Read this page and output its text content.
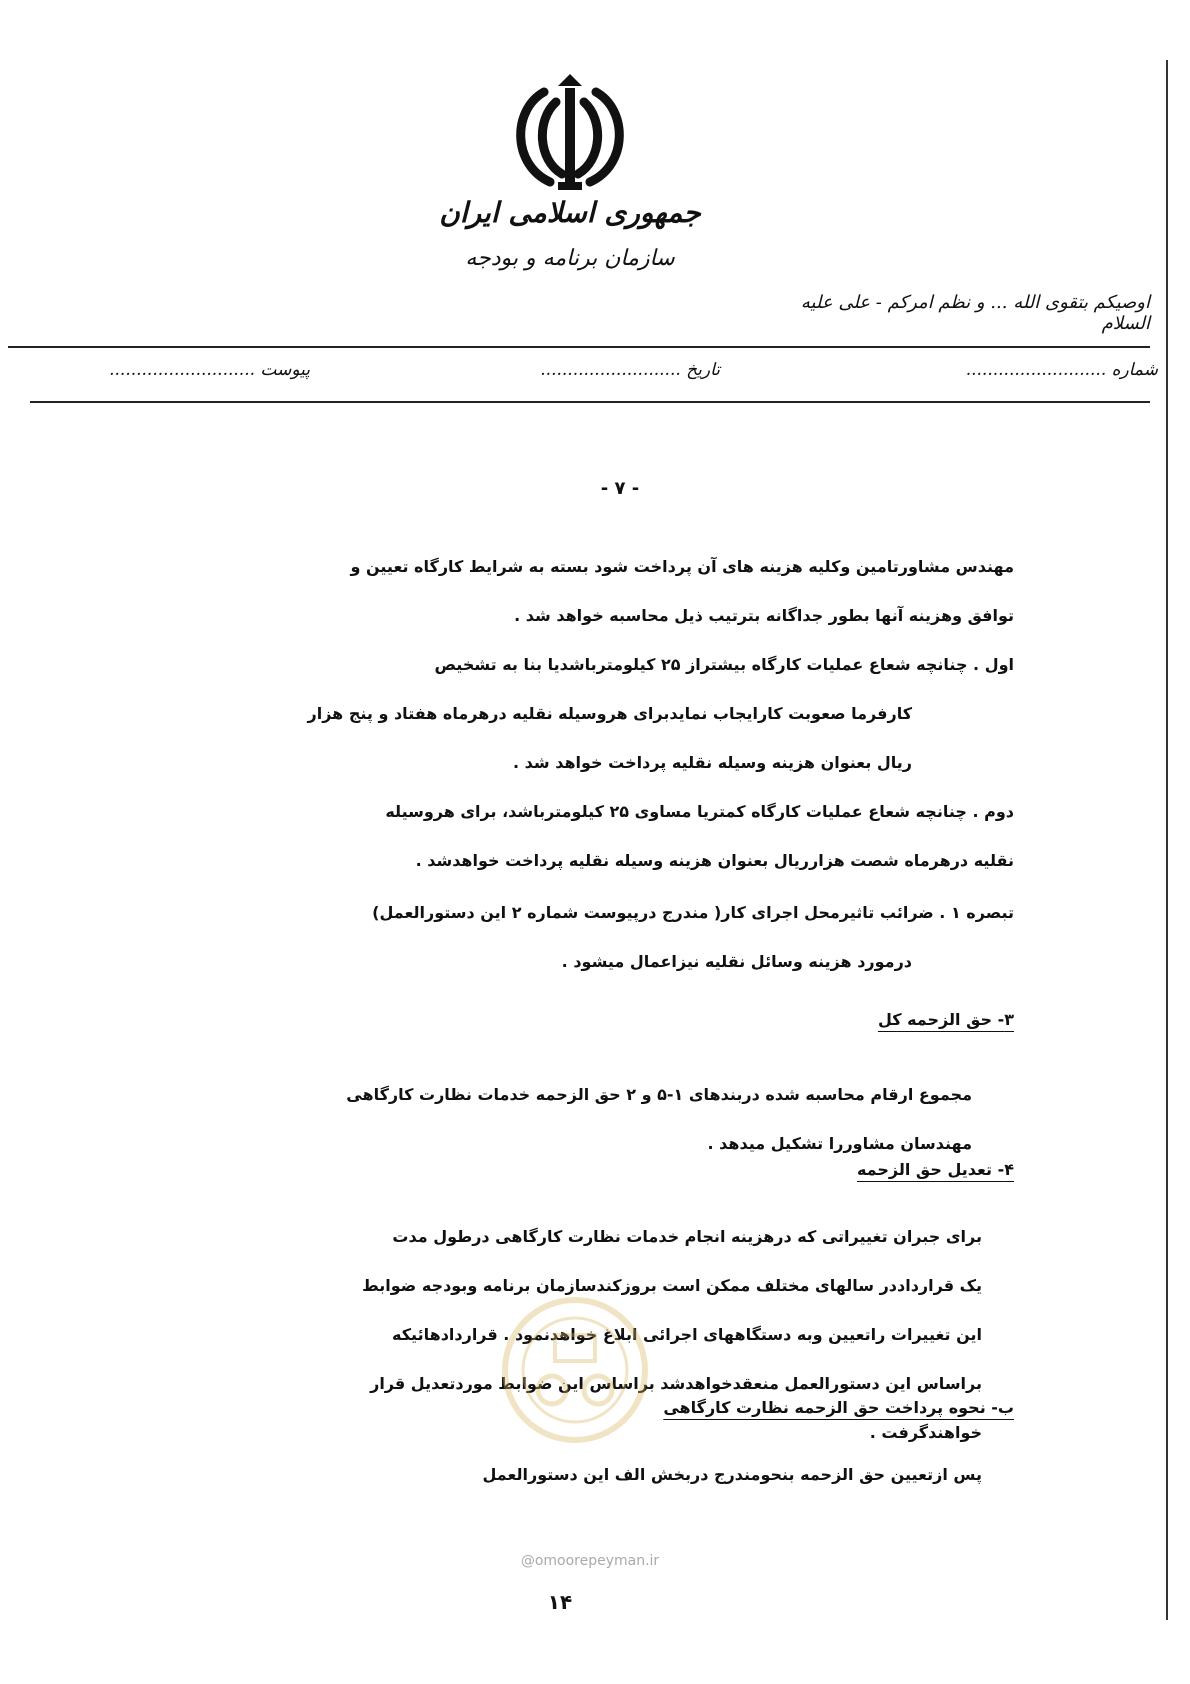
جمهوری اسلامی ایران
سازمان برنامه و بودجه
اوصیکم بتقوی الله ... و نظم امرکم - علی علیه السلام
شماره ..........................
تاریخ ..........................
پیوست ...........................
- ۷ -

مهندس مشاورتامین وکلیه هزینه های آن پرداخت شود بسته به شرایط کارگاه تعیین و

توافق وهزینه آنها بطور جداگانه بترتیب ذیل محاسبه خواهد شد .

اول . چنانچه شعاع عملیات کارگاه بیشتراز ۲۵ کیلومترباشدیا بنا به تشخیص

کارفرما صعوبت کارایجاب نمایدبرای هروسیله نقلیه درهرماه هفتاد و پنج هزار

ریال بعنوان هزینه وسیله نقلیه پرداخت خواهد شد .

دوم . چنانچه شعاع عملیات کارگاه کمتریا مساوی ۲۵ کیلومترباشد، برای هروسیله

نقلیه درهرماه شصت هزارریال بعنوان هزینه وسیله نقلیه پرداخت خواهدشد .

تبصره ۱ . ضرائب تاثیرمحل اجرای کار( مندرج درپیوست شماره ۲ این دستورالعمل)

درمورد هزینه وسائل نقلیه نیزاعمال میشود .

۳- حق الزحمه کل

مجموع ارقام محاسبه شده دربندهای ۱-۵ و ۲ حق الزحمه خدمات نظارت کارگاهی

مهندسان مشاوررا تشکیل میدهد .

۴- تعدیل حق الزحمه

برای جبران تغییراتی که درهزینه انجام خدمات نظارت کارگاهی درطول مدت

یک قرارداددر سالهای مختلف ممکن است بروزکندسازمان برنامه وبودجه ضوابط

این تغییرات راتعیین وبه دستگاههای اجرائی ابلاغ خواهدنمود . قراردادهائیکه

براساس این دستورالعمل منعقدخواهدشد براساس این ضوابط موردتعدیل قرار

خواهندگرفت .

ب- نحوه پرداخت حق الزحمه نظارت کارگاهی

پس ازتعیین حق الزحمه بنحومندرج دربخش الف این دستورالعمل

@omoorepeyman.ir
۱۴
